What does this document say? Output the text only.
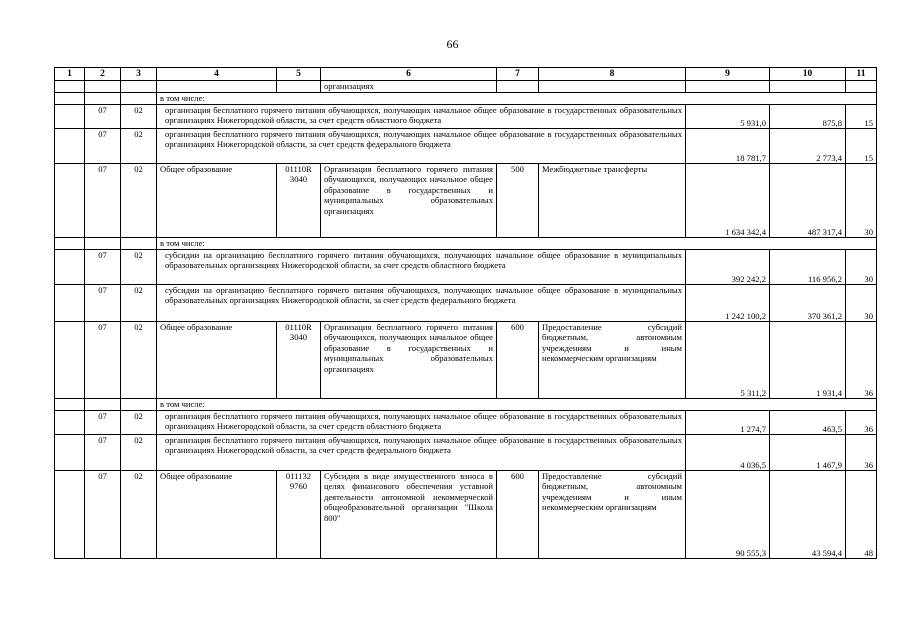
66
1	2	3	4	5	6	7	8	9	10	11
					организациях					
			в том числе:							
	07	02	организация бесплатного горячего питания обучающихся, получающих начальное общее образование в государственных образовательных организациях Нижегородской области, за счет средств областного бюджета					5 931,0	875,8	15
	07	02	организация бесплатного горячего питания обучающихся, получающих начальное общее образование в государственных образовательных организациях Нижегородской области, за счет средств федерального бюджета					18 781,7	2 773,4	15
	07	02	Общее образование	01110R 3040	Организация бесплатного горячего питания обучающихся, получающих начальное общее образование в государственных и муниципальных образовательных организациях	500	Межбюджетные трансферты	1 634 342,4	487 317,4	30
			в том числе:							
	07	02	субсидии на организацию бесплатного горячего питания обучающихся, получающих начальное общее образование в муниципальных образовательных организациях Нижегородской области, за счет средств областного бюджета					392 242,2	116 956,2	30
	07	02	субсидии на организацию бесплатного горячего питания обучающихся, получающих начальное общее образование в муниципальных образовательных организациях Нижегородской области, за счет средств федерального бюджета					1 242 100,2	370 361,2	30
	07	02	Общее образование	01110R 3040	Организация бесплатного горячего питания обучающихся, получающих начальное общее образование в государственных и муниципальных образовательных организациях	600	Предоставление субсидий бюджетным, автономным учреждениям и иным некоммерческим организациям	5 311,2	1 931,4	36
			в том числе:							
	07	02	организация бесплатного горячего питания обучающихся, получающих начальное общее образование в государственных образовательных организациях Нижегородской области, за счет средств областного бюджета					1 274,7	463,5	36
	07	02	организация бесплатного горячего питания обучающихся, получающих начальное общее образование в государственных образовательных организациях Нижегородской области, за счет средств федерального бюджета					4 036,5	1 467,9	36
	07	02	Общее образование	011132 9760	Субсидия в виде имущественного взноса в целях финансового обеспечения уставной деятельности автономной некоммерческой общеобразовательной организации "Школа 800"	600	Предоставление субсидий бюджетным, автономным учреждениям и иным некоммерческим организациям	90 555,3	43 594,4	48
